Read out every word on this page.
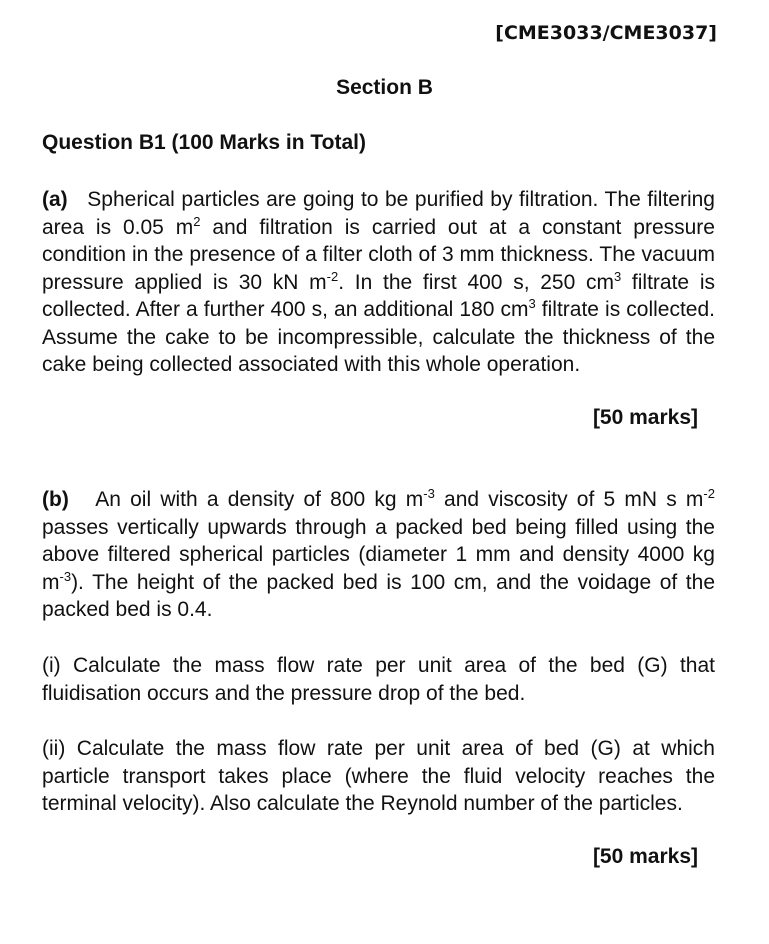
[CME3033/CME3037]
Section B
Question B1 (100 Marks in Total)

(a) Spherical particles are going to be purified by filtration. The filtering area is 0.05 $m^2$ and filtration is carried out at a constant pressure condition in the presence of a filter cloth of 3 mm thickness. The vacuum pressure applied is 30 kN $m^{-2}$. In the first 400 s, 250 $cm^3$ filtrate is collected. After a further 400 s, an additional 180 $cm^3$ filtrate is collected. Assume the cake to be incompressible, calculate the thickness of the cake being collected associated with this whole operation.

[50 marks]

(b) An oil with a density of 800 kg $m^{-3}$ and viscosity of 5 mN s $m^{-2}$ passes vertically upwards through a packed bed being filled using the above filtered spherical particles (diameter 1 mm and density 4000 kg $m^{-3}$). The height of the packed bed is 100 cm, and the voidage of the packed bed is 0.4.

(i) Calculate the mass flow rate per unit area of the bed (G) that fluidisation occurs and the pressure drop of the bed.

(ii) Calculate the mass flow rate per unit area of bed (G) at which particle transport takes place (where the fluid velocity reaches the terminal velocity). Also calculate the Reynold number of the particles.

[50 marks]
